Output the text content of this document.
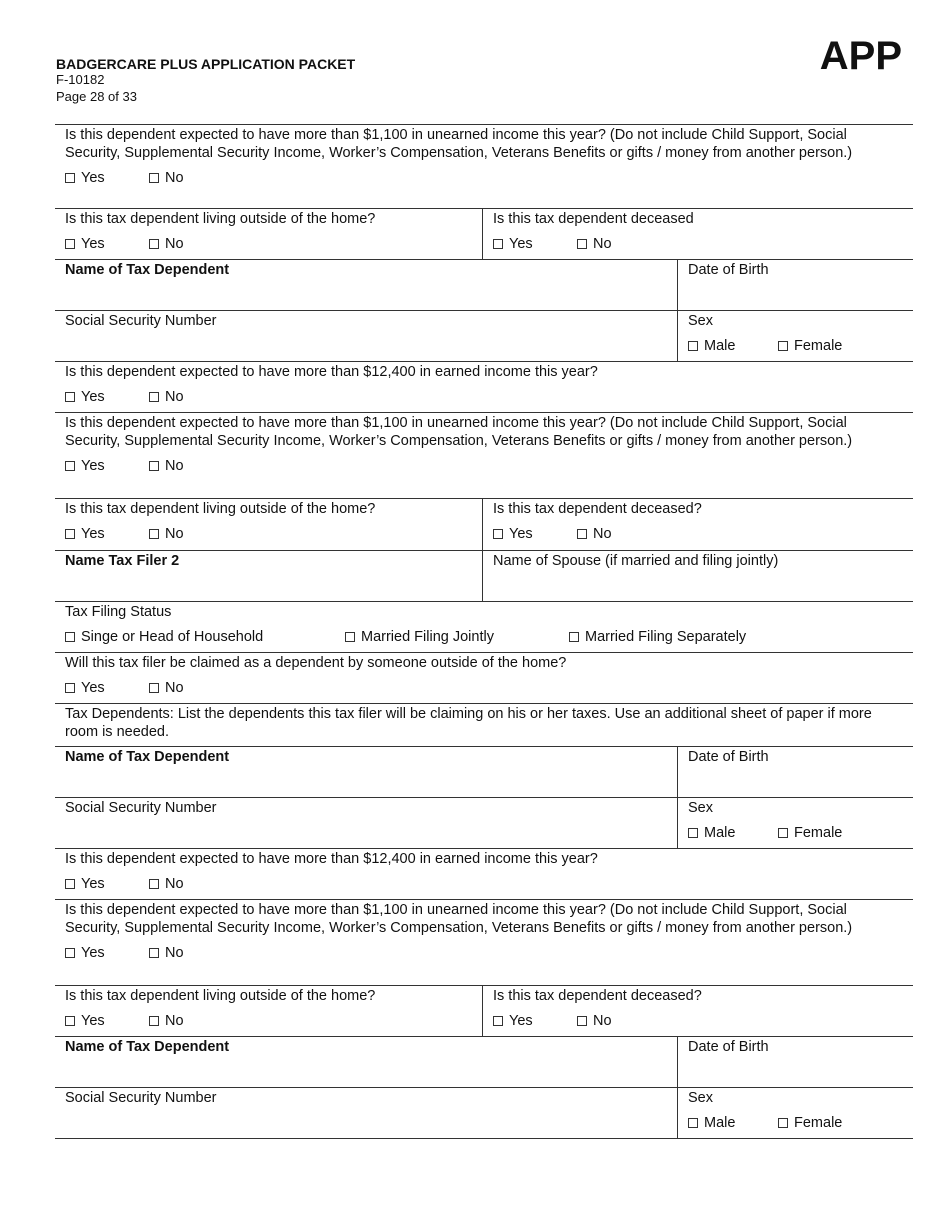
BADGERCARE PLUS APPLICATION PACKET
F-10182
Page 28 of 33
APP

Is this dependent expected to have more than $1,100 in unearned income this year? (Do not include Child Support, Social Security, Supplemental Security Income, Worker’s Compensation, Veterans Benefits or gifts / money from another person.)

Yes	No

Is this tax dependent living outside of the home?

Yes	No

Is this tax dependent deceased

Yes	No

Name of Tax Dependent	Date of Birth

Social Security Number	Sex

Male	Female

Is this dependent expected to have more than $12,400 in earned income this year?

Yes	No

Is this dependent expected to have more than $1,100 in unearned income this year? (Do not include Child Support, Social Security, Supplemental Security Income, Worker’s Compensation, Veterans Benefits or gifts / money from another person.)

Yes	No

Is this tax dependent living outside of the home?

Yes	No

Is this tax dependent deceased?

Yes	No

Name Tax Filer 2	Name of Spouse (if married and filing jointly)

Tax Filing Status

Singe or Head of Household	Married Filing Jointly	Married Filing Separately

Will this tax filer be claimed as a dependent by someone outside of the home?

Yes	No

Tax Dependents: List the dependents this tax filer will be claiming on his or her taxes. Use an additional sheet of paper if more room is needed.

Name of Tax Dependent	Date of Birth

Social Security Number	Sex

Male	Female

Is this dependent expected to have more than $12,400 in earned income this year?

Yes	No

Is this dependent expected to have more than $1,100 in unearned income this year? (Do not include Child Support, Social Security, Supplemental Security Income, Worker’s Compensation, Veterans Benefits or gifts / money from another person.)

Yes	No

Is this tax dependent living outside of the home?

Yes	No

Is this tax dependent deceased?

Yes	No

Name of Tax Dependent	Date of Birth

Social Security Number	Sex

Male	Female
